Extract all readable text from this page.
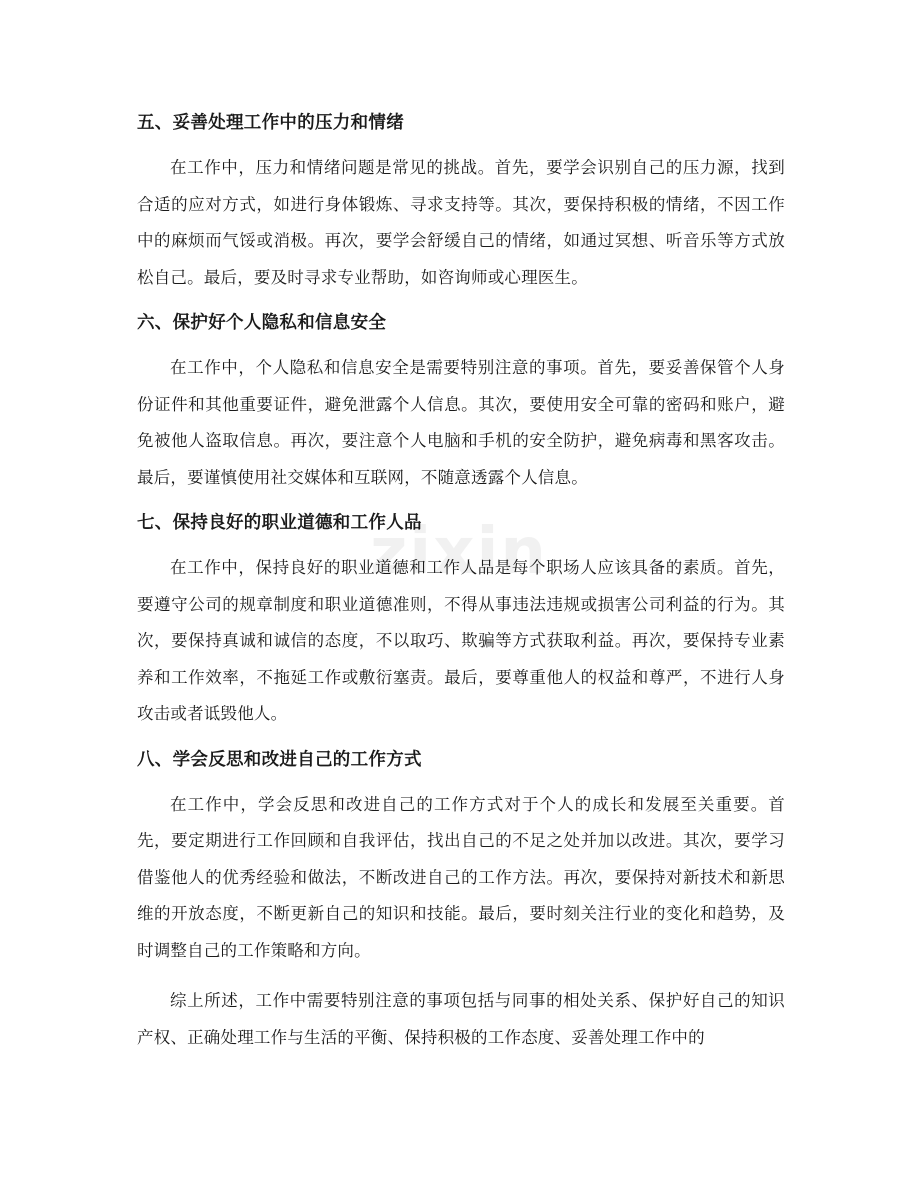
zixin
五、妥善处理工作中的压力和情绪

在工作中，压力和情绪问题是常见的挑战。首先，要学会识别自己的压力源，找到合适的应对方式，如进行身体锻炼、寻求支持等。其次，要保持积极的情绪，不因工作中的麻烦而气馁或消极。再次，要学会舒缓自己的情绪，如通过冥想、听音乐等方式放松自己。最后，要及时寻求专业帮助，如咨询师或心理医生。

六、保护好个人隐私和信息安全

在工作中，个人隐私和信息安全是需要特别注意的事项。首先，要妥善保管个人身份证件和其他重要证件，避免泄露个人信息。其次，要使用安全可靠的密码和账户，避免被他人盗取信息。再次，要注意个人电脑和手机的安全防护，避免病毒和黑客攻击。最后，要谨慎使用社交媒体和互联网，不随意透露个人信息。

七、保持良好的职业道德和工作人品

在工作中，保持良好的职业道德和工作人品是每个职场人应该具备的素质。首先，要遵守公司的规章制度和职业道德准则，不得从事违法违规或损害公司利益的行为。其次，要保持真诚和诚信的态度，不以取巧、欺骗等方式获取利益。再次，要保持专业素养和工作效率，不拖延工作或敷衍塞责。最后，要尊重他人的权益和尊严，不进行人身攻击或者诋毁他人。

八、学会反思和改进自己的工作方式

在工作中，学会反思和改进自己的工作方式对于个人的成长和发展至关重要。首先，要定期进行工作回顾和自我评估，找出自己的不足之处并加以改进。其次，要学习借鉴他人的优秀经验和做法，不断改进自己的工作方法。再次，要保持对新技术和新思维的开放态度，不断更新自己的知识和技能。最后，要时刻关注行业的变化和趋势，及时调整自己的工作策略和方向。

综上所述，工作中需要特别注意的事项包括与同事的相处关系、保护好自己的知识产权、正确处理工作与生活的平衡、保持积极的工作态度、妥善处理工作中的
